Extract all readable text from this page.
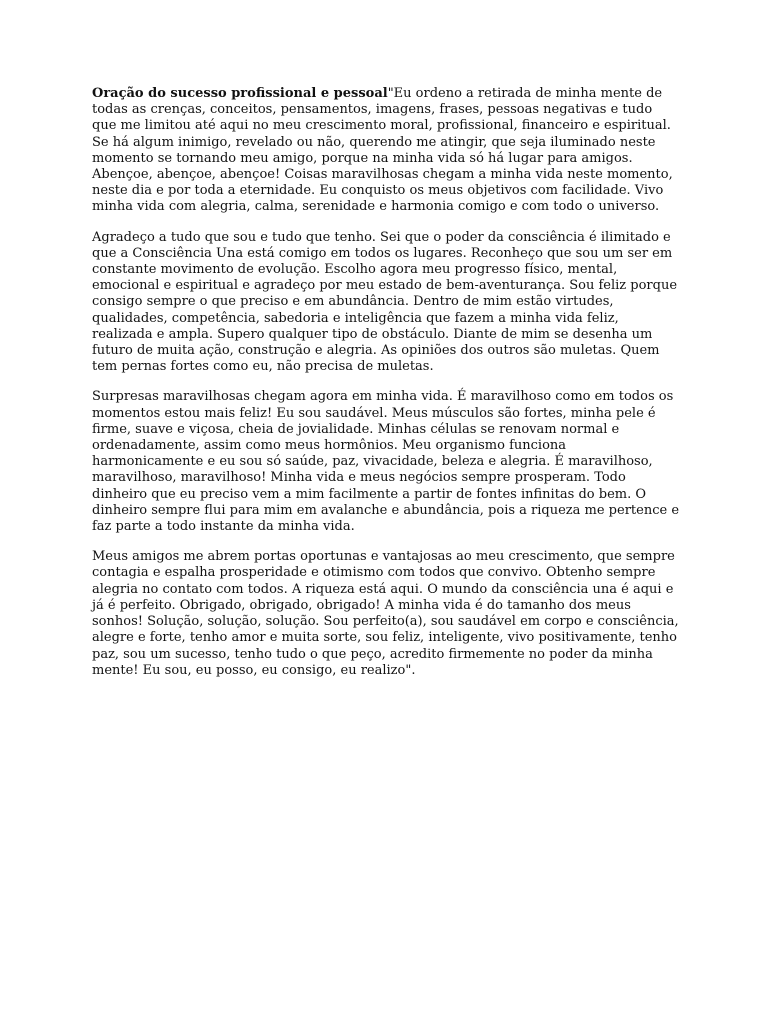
Oração do sucesso profissional e pessoal"Eu ordeno a retirada de minha mente de todas as crenças, conceitos, pensamentos, imagens, frases, pessoas negativas e tudo que me limitou até aqui no meu crescimento moral, profissional, financeiro e espiritual. Se há algum inimigo, revelado ou não, querendo me atingir, que seja iluminado neste momento se tornando meu amigo, porque na minha vida só há lugar para amigos. Abençoe, abençoe, abençoe! Coisas maravilhosas chegam a minha vida neste momento, neste dia e por toda a eternidade. Eu conquisto os meus objetivos com facilidade. Vivo minha vida com alegria, calma, serenidade e harmonia comigo e com todo o universo.

Agradeço a tudo que sou e tudo que tenho. Sei que o poder da consciência é ilimitado e que a Consciência Una está comigo em todos os lugares. Reconheço que sou um ser em constante movimento de evolução. Escolho agora meu progresso físico, mental, emocional e espiritual e agradeço por meu estado de bem-aventurança. Sou feliz porque consigo sempre o que preciso e em abundância. Dentro de mim estão virtudes, qualidades, competência, sabedoria e inteligência que fazem a minha vida feliz, realizada e ampla. Supero qualquer tipo de obstáculo. Diante de mim se desenha um futuro de muita ação, construção e alegria. As opiniões dos outros são muletas. Quem tem pernas fortes como eu, não precisa de muletas.

Surpresas maravilhosas chegam agora em minha vida. É maravilhoso como em todos os momentos estou mais feliz! Eu sou saudável. Meus músculos são fortes, minha pele é firme, suave e viçosa, cheia de jovialidade. Minhas células se renovam normal e ordenadamente, assim como meus hormônios. Meu organismo funciona harmonicamente e eu sou só saúde, paz, vivacidade, beleza e alegria. É maravilhoso, maravilhoso, maravilhoso! Minha vida e meus negócios sempre prosperam. Todo dinheiro que eu preciso vem a mim facilmente a partir de fontes infinitas do bem. O dinheiro sempre flui para mim em avalanche e abundância, pois a riqueza me pertence e faz parte a todo instante da minha vida.

Meus amigos me abrem portas oportunas e vantajosas ao meu crescimento, que sempre contagia e espalha prosperidade e otimismo com todos que convivo. Obtenho sempre alegria no contato com todos. A riqueza está aqui. O mundo da consciência una é aqui e já é perfeito. Obrigado, obrigado, obrigado! A minha vida é do tamanho dos meus sonhos! Solução, solução, solução. Sou perfeito(a), sou saudável em corpo e consciência, alegre e forte, tenho amor e muita sorte, sou feliz, inteligente, vivo positivamente, tenho paz, sou um sucesso, tenho tudo o que peço, acredito firmemente no poder da minha mente! Eu sou, eu posso, eu consigo, eu realizo".
